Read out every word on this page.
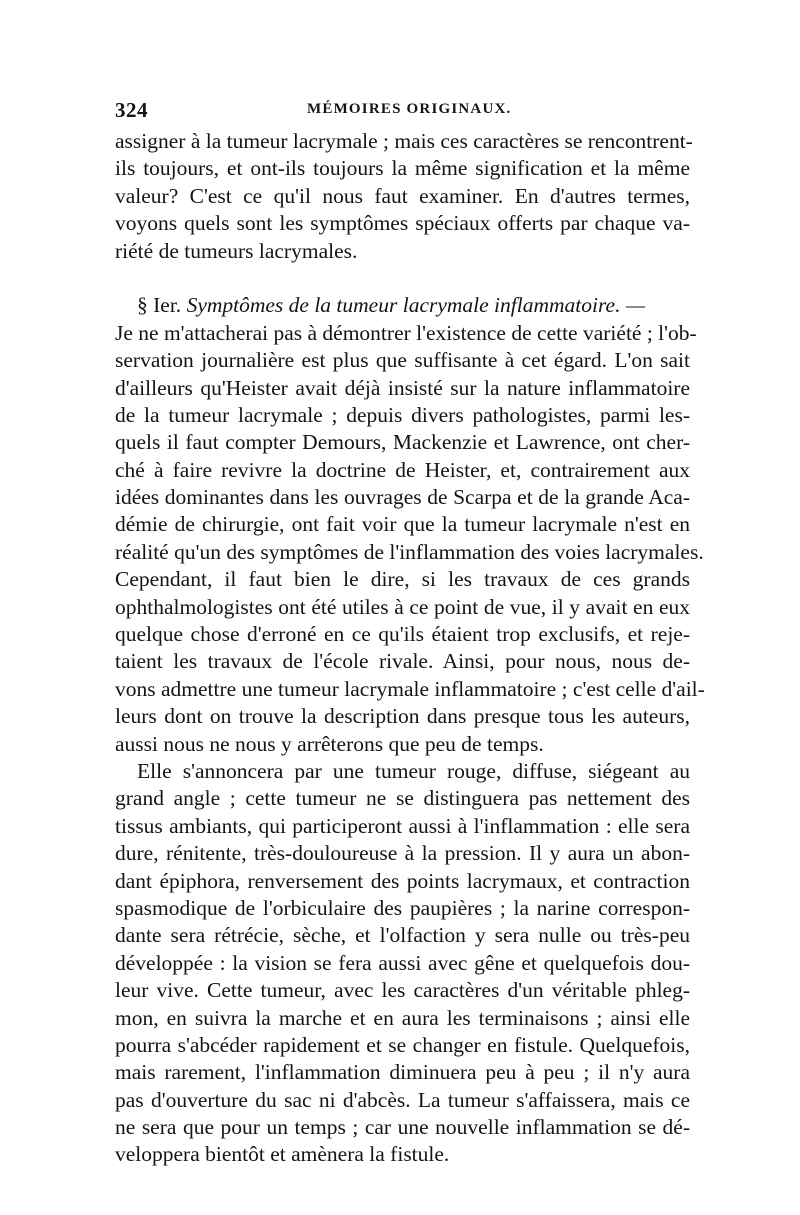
324	MÉMOIRES ORIGINAUX.
assigner à la tumeur lacrymale ; mais ces caractères se rencontrent-
ils toujours, et ont-ils toujours la même signification et la même
valeur? C'est ce qu'il nous faut examiner. En d'autres termes,
voyons quels sont les symptômes spéciaux offerts par chaque va-
riété de tumeurs lacrymales.
§ Ier. Symptômes de la tumeur lacrymale inflammatoire. —
Je ne m'attacherai pas à démontrer l'existence de cette variété ; l'ob-
servation journalière est plus que suffisante à cet égard. L'on sait
d'ailleurs qu'Heister avait déjà insisté sur la nature inflammatoire
de la tumeur lacrymale ; depuis divers pathologistes, parmi les-
quels il faut compter Demours, Mackenzie et Lawrence, ont cher-
ché à faire revivre la doctrine de Heister, et, contrairement aux
idées dominantes dans les ouvrages de Scarpa et de la grande Aca-
démie de chirurgie, ont fait voir que la tumeur lacrymale n'est en
réalité qu'un des symptômes de l'inflammation des voies lacrymales.
Cependant, il faut bien le dire, si les travaux de ces grands
ophthalmologistes ont été utiles à ce point de vue, il y avait en eux
quelque chose d'erroné en ce qu'ils étaient trop exclusifs, et reje-
taient les travaux de l'école rivale. Ainsi, pour nous, nous de-
vons admettre une tumeur lacrymale inflammatoire ; c'est celle d'ail-
leurs dont on trouve la description dans presque tous les auteurs,
aussi nous ne nous y arrêterons que peu de temps.
Elle s'annoncera par une tumeur rouge, diffuse, siégeant au
grand angle ; cette tumeur ne se distinguera pas nettement des
tissus ambiants, qui participeront aussi à l'inflammation : elle sera
dure, rénitente, très-douloureuse à la pression. Il y aura un abon-
dant épiphora, renversement des points lacrymaux, et contraction
spasmodique de l'orbiculaire des paupières ; la narine correspon-
dante sera rétrécie, sèche, et l'olfaction y sera nulle ou très-peu
développée : la vision se fera aussi avec gêne et quelquefois dou-
leur vive. Cette tumeur, avec les caractères d'un véritable phleg-
mon, en suivra la marche et en aura les terminaisons ; ainsi elle
pourra s'abcéder rapidement et se changer en fistule. Quelquefois,
mais rarement, l'inflammation diminuera peu à peu ; il n'y aura
pas d'ouverture du sac ni d'abcès. La tumeur s'affaissera, mais ce
ne sera que pour un temps ; car une nouvelle inflammation se dé-
veloppera bientôt et amènera la fistule.
